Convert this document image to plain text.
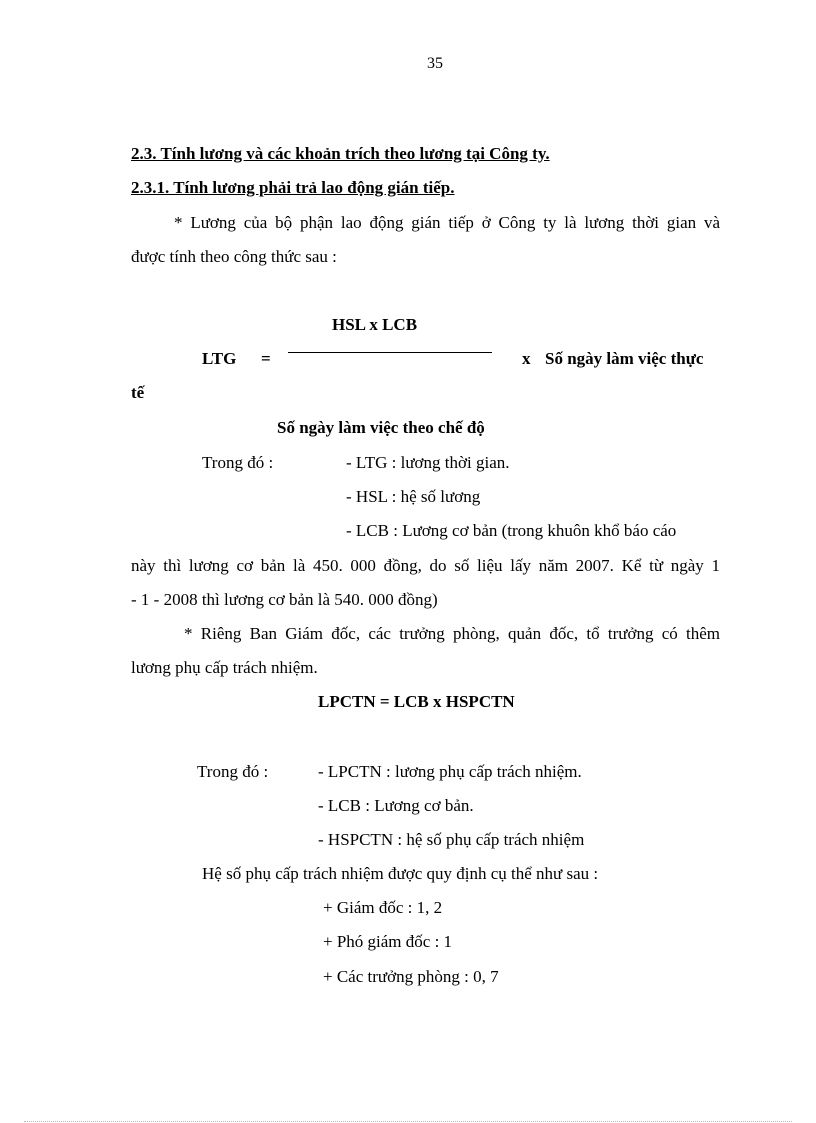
35
2.3. Tính lương và các khoản trích theo lương tại Công ty.
2.3.1. Tính lương phải trả lao động gián tiếp.
* Lương của bộ phận lao động gián tiếp ở Công ty là lương thời gian và
được tính theo công thức sau :
HSL x LCB
LTG =	x Số ngày làm việc thực
tế
Số ngày làm việc theo chế độ
Trong đó :	- LTG : lương thời gian.
- HSL : hệ số lương
- LCB : Lương cơ bản (trong khuôn khổ báo cáo
này thì lương cơ bản là 450. 000 đồng, do số liệu lấy năm 2007. Kể từ ngày 1
- 1 - 2008 thì lương cơ bản là 540. 000 đồng)
* Riêng Ban Giám đốc, các trưởng phòng, quản đốc, tổ trưởng có thêm
lương phụ cấp trách nhiệm.
LPCTN = LCB x HSPCTN
Trong đó :	- LPCTN : lương phụ cấp trách nhiệm.
- LCB : Lương cơ bản.
- HSPCTN : hệ số phụ cấp trách nhiệm
Hệ số phụ cấp trách nhiệm được quy định cụ thể như sau :
+ Giám đốc : 1, 2
+ Phó giám đốc : 1
+ Các trưởng phòng : 0, 7
